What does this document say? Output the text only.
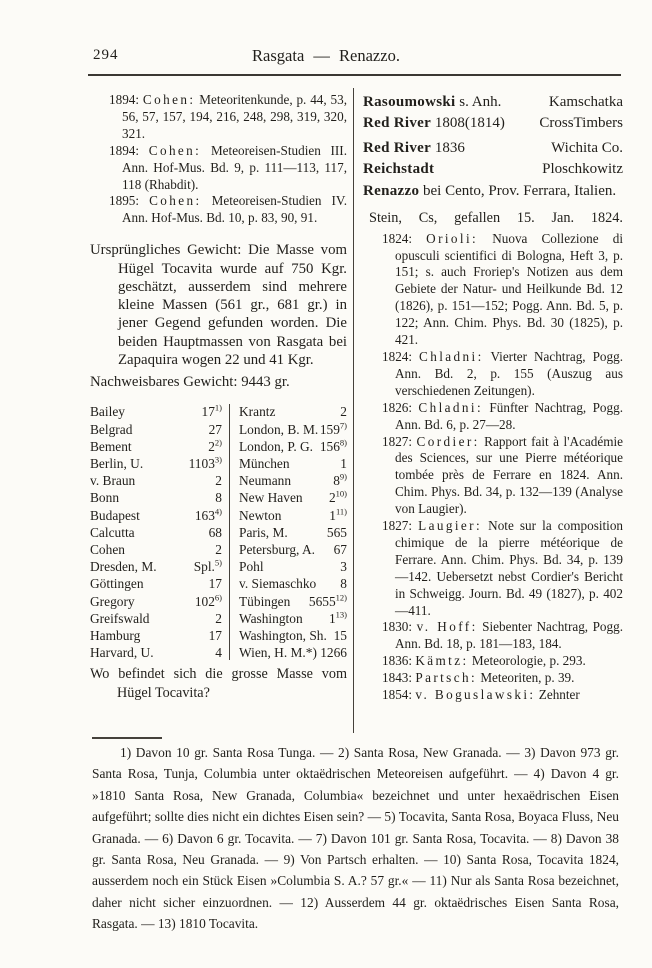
294	Rasgata — Renazzo.

1894: Cohen: Meteoritenkunde, p. 44, 53, 56, 57, 157, 194, 216, 248, 298, 319, 320, 321.

1894: Cohen: Meteoreisen-Studien III. Ann. Hof-Mus. Bd. 9, p. 111—113, 117, 118 (Rhabdit).

1895: Cohen: Meteoreisen-Studien IV. Ann. Hof-Mus. Bd. 10, p. 83, 90, 91.

Ursprüngliches Gewicht: Die Masse vom Hügel Tocavita wurde auf 750 Kgr. geschätzt, ausserdem sind mehrere kleine Massen (561 gr., 681 gr.) in jener Gegend gefunden worden. Die beiden Hauptmassen von Rasgata bei Zapaquira wogen 22 und 41 Kgr.

Nachweisbares Gewicht: 9443 gr.

Bailey	17$^{1)}$ Krantz	2
Belgrad	27 London, B. M. 159$^{7)}$
Bement	2$^{2)}$ London, P. G. 156$^{8)}$
Berlin, U.	1103$^{3)}$ München	1
v. Braun	2 Neumann	8$^{9)}$
Bonn	8 New Haven 2$^{10)}$
Budapest	163$^{4)}$ Newton	1$^{11)}$
Calcutta	68 Paris, M.	565
Cohen	2 Petersburg, A. 67
Dresden, M.	Spl.$^{5)}$ Pohl	3
Göttingen	17 v. Siemaschko 8
Gregory	102$^{6)}$ Tübingen 5655$^{12)}$
Greifswald	2 Washington 1$^{13)}$
Hamburg	17 Washington, Sh. 15
Harvard, U.	4 Wien, H. M.*) 1266

Wo befindet sich die grosse Masse vom Hügel Tocavita?

Rasoumowski s. Anh.	Kamschatka
Red River 1808(1814) CrossTimbers
Red River 1836	Wichita Co.
Reichstadt	Ploschkowitz

Renazzo bei Cento, Prov. Ferrara, Italien.

Stein, Cs, gefallen 15. Jan. 1824.

1824: Orioli: Nuova Collezione di opusculi scientifici di Bologna, Heft 3, p. 151; s. auch Froriep's Notizen aus dem Gebiete der Natur- und Heilkunde Bd. 12 (1826), p. 151—152; Pogg. Ann. Bd. 5, p. 122; Ann. Chim. Phys. Bd. 30 (1825), p. 421.

1824: Chladni: Vierter Nachtrag, Pogg. Ann. Bd. 2, p. 155 (Auszug aus verschiedenen Zeitungen).

1826: Chladni: Fünfter Nachtrag, Pogg. Ann. Bd. 6, p. 27—28.

1827: Cordier: Rapport fait à l'Académie des Sciences, sur une Pierre météorique tombée près de Ferrare en 1824. Ann. Chim. Phys. Bd. 34, p. 132—139 (Analyse von Laugier).

1827: Laugier: Note sur la composition chimique de la pierre météorique de Ferrare. Ann. Chim. Phys. Bd. 34, p. 139—142. Uebersetzt nebst Cordier's Bericht in Schweigg. Journ. Bd. 49 (1827), p. 402—411.

1830: v. Hoff: Siebenter Nachtrag, Pogg. Ann. Bd. 18, p. 181—183, 184.

1836: Kämtz: Meteorologie, p. 293.

1843: Partsch: Meteoriten, p. 39.

1854: v. Boguslawski: Zehnter

1) Davon 10 gr. Santa Rosa Tunga. — 2) Santa Rosa, New Granada. — 3) Davon 973 gr. Santa Rosa, Tunja, Columbia unter oktaëdrischen Meteoreisen aufgeführt. — 4) Davon 4 gr. »1810 Santa Rosa, New Granada, Columbia« bezeichnet und unter hexaëdrischen Eisen aufgeführt; sollte dies nicht ein dichtes Eisen sein? — 5) Tocavita, Santa Rosa, Boyaca Fluss, Neu Granada. — 6) Davon 6 gr. Tocavita. — 7) Davon 101 gr. Santa Rosa, Tocavita. — 8) Davon 38 gr. Santa Rosa, Neu Granada. — 9) Von Partsch erhalten. — 10) Santa Rosa, Tocavita 1824, ausserdem noch ein Stück Eisen »Columbia S. A.? 57 gr.« — 11) Nur als Santa Rosa bezeichnet, daher nicht sicher einzuordnen. — 12) Ausserdem 44 gr. oktaëdrisches Eisen Santa Rosa, Rasgata. — 13) 1810 Tocavita.
